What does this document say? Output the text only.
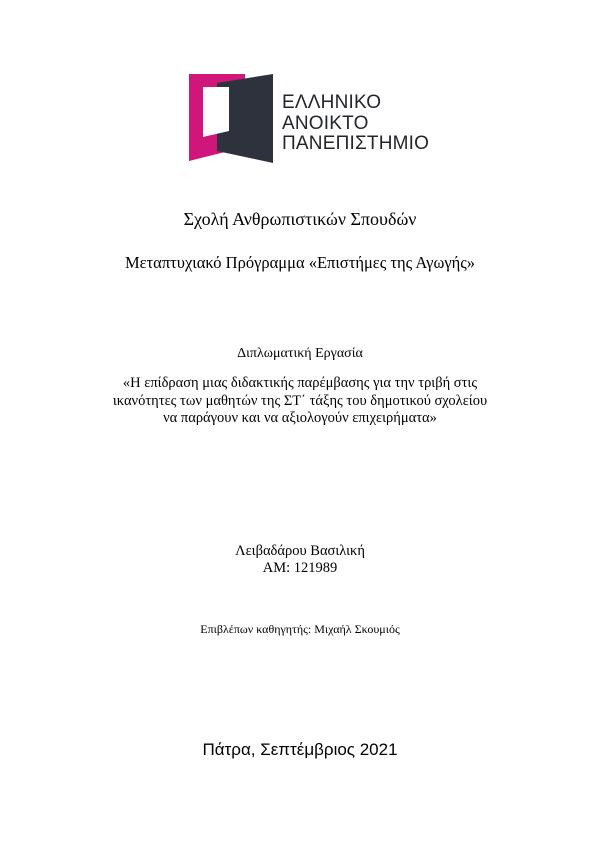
ΕΛΛΗΝΙΚΟ
ΑΝΟΙΚΤΟ
ΠΑΝΕΠΙΣΤΗΜΙΟ
Σχολή Ανθρωπιστικών Σπουδών
Μεταπτυχιακό Πρόγραμμα «Επιστήμες της Αγωγής»
Διπλωματική Εργασία
«Η επίδραση μιας διδακτικής παρέμβασης για την τριβή στις
ικανότητες των μαθητών της ΣΤ΄ τάξης του δημοτικού σχολείου
να παράγουν και να αξιολογούν επιχειρήματα»
Λειβαδάρου Βασιλική
ΑΜ: 121989
Επιβλέπων καθηγητής: Μιχαήλ Σκουμιός
Πάτρα, Σεπτέμβριος 2021
